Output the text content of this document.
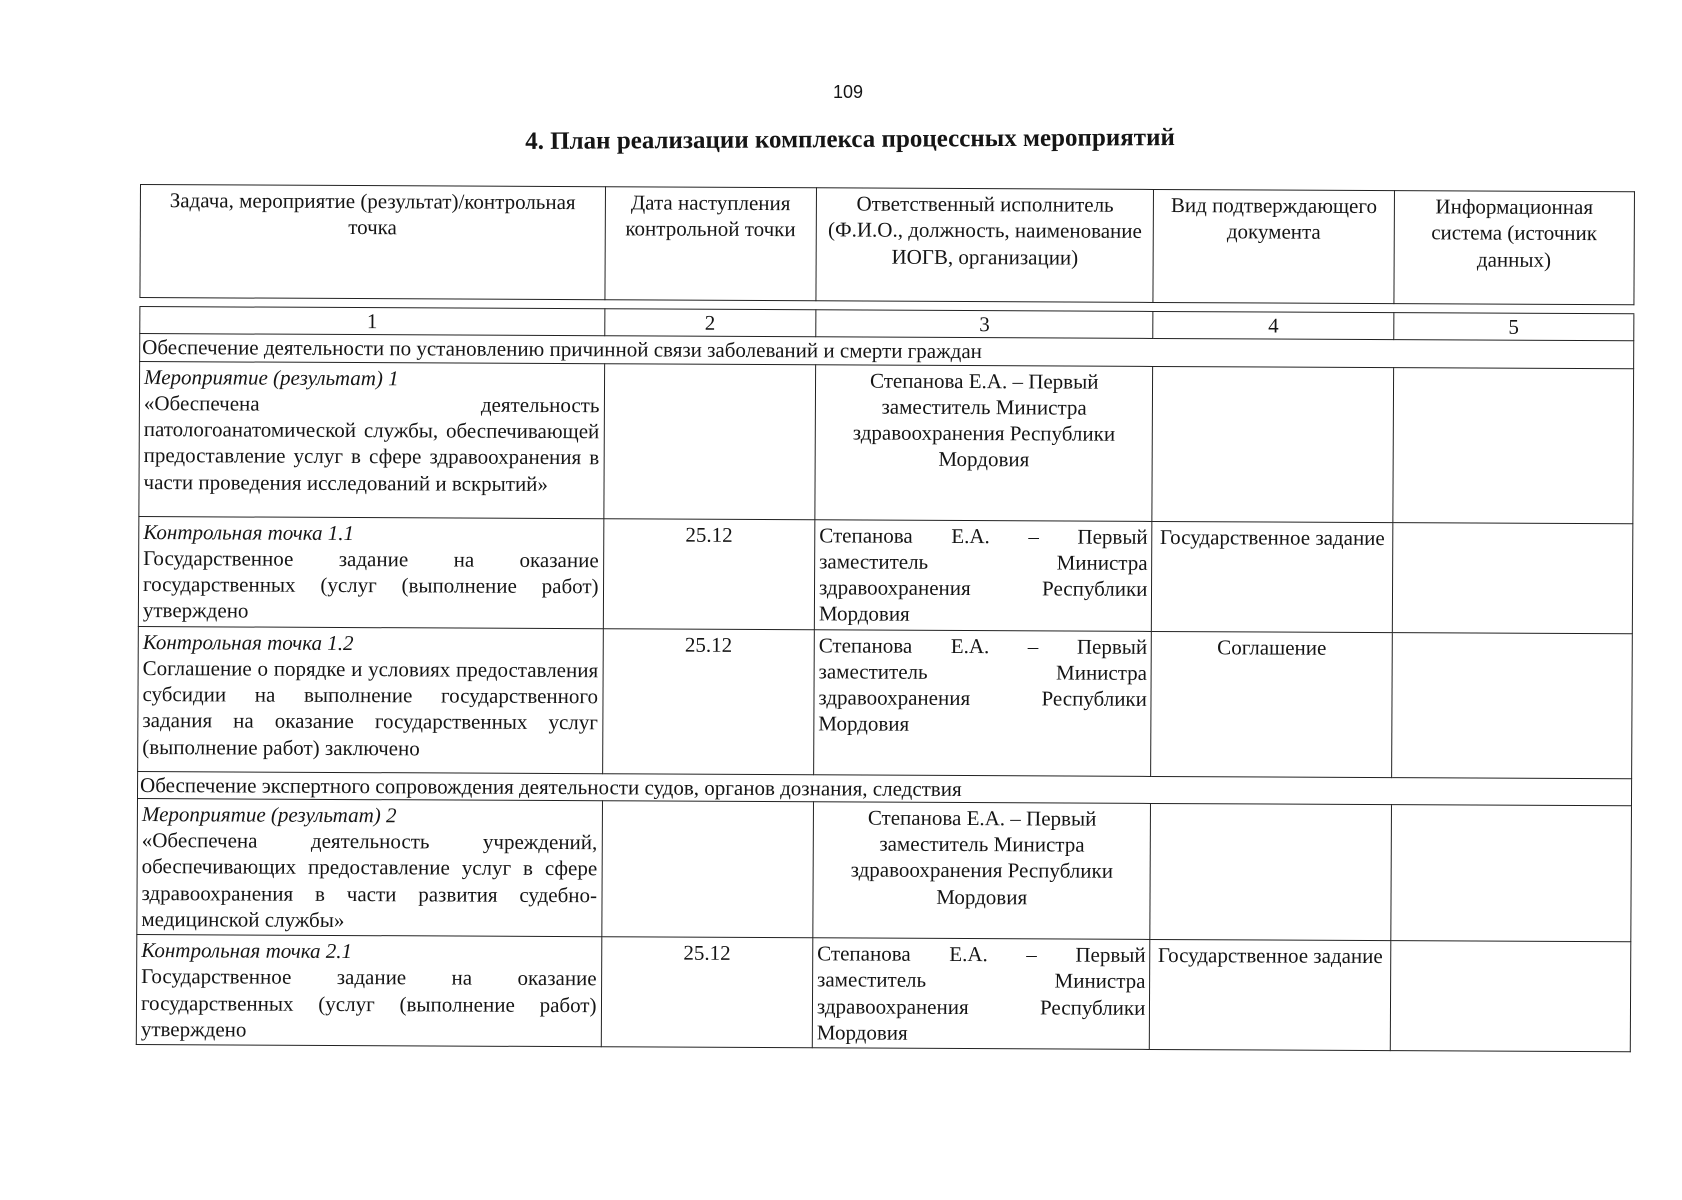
109
4. План реализации комплекса процессных мероприятий
Задача, мероприятие (результат)/контрольная точка	Дата наступления контрольной точки	Ответственный исполнитель (Ф.И.О., должность, наименование ИОГВ, организации)	Вид подтверждающего документа	Информационная система (источник данных)

1	2	3	4	5
Обеспечение деятельности по установлению причинной связи заболеваний и смерти граждан				

Мероприятие (результат) 1
«Обеспечена деятельность патологоанатомической службы, обеспечивающей предоставление услуг в сфере здравоохранения в части проведения исследований и вскрытий»		Степанова Е.А. – Первый заместитель Министра здравоохранения Республики Мордовия		

Контрольная точка 1.1
Государственное задание на оказание государственных (услуг (выполнение работ) утверждено	25.12	Степанова Е.А. – Первый заместитель Министра здравоохранения Республики Мордовия	Государственное задание	

Контрольная точка 1.2
Соглашение о порядке и условиях предоставления субсидии на выполнение государственного задания на оказание государственных услуг (выполнение работ) заключено	25.12	Степанова Е.А. – Первый заместитель Министра здравоохранения Республики Мордовия	Соглашение	
Обеспечение экспертного сопровождения деятельности судов, органов дознания, следствия				

Мероприятие (результат) 2
«Обеспечена деятельность учреждений, обеспечивающих предоставление услуг в сфере здравоохранения в части развития судебно-медицинской службы»		Степанова Е.А. – Первый заместитель Министра здравоохранения Республики Мордовия		

Контрольная точка 2.1
Государственное задание на оказание государственных (услуг (выполнение работ) утверждено	25.12	Степанова Е.А. – Первый заместитель Министра здравоохранения Республики Мордовия	Государственное задание	
